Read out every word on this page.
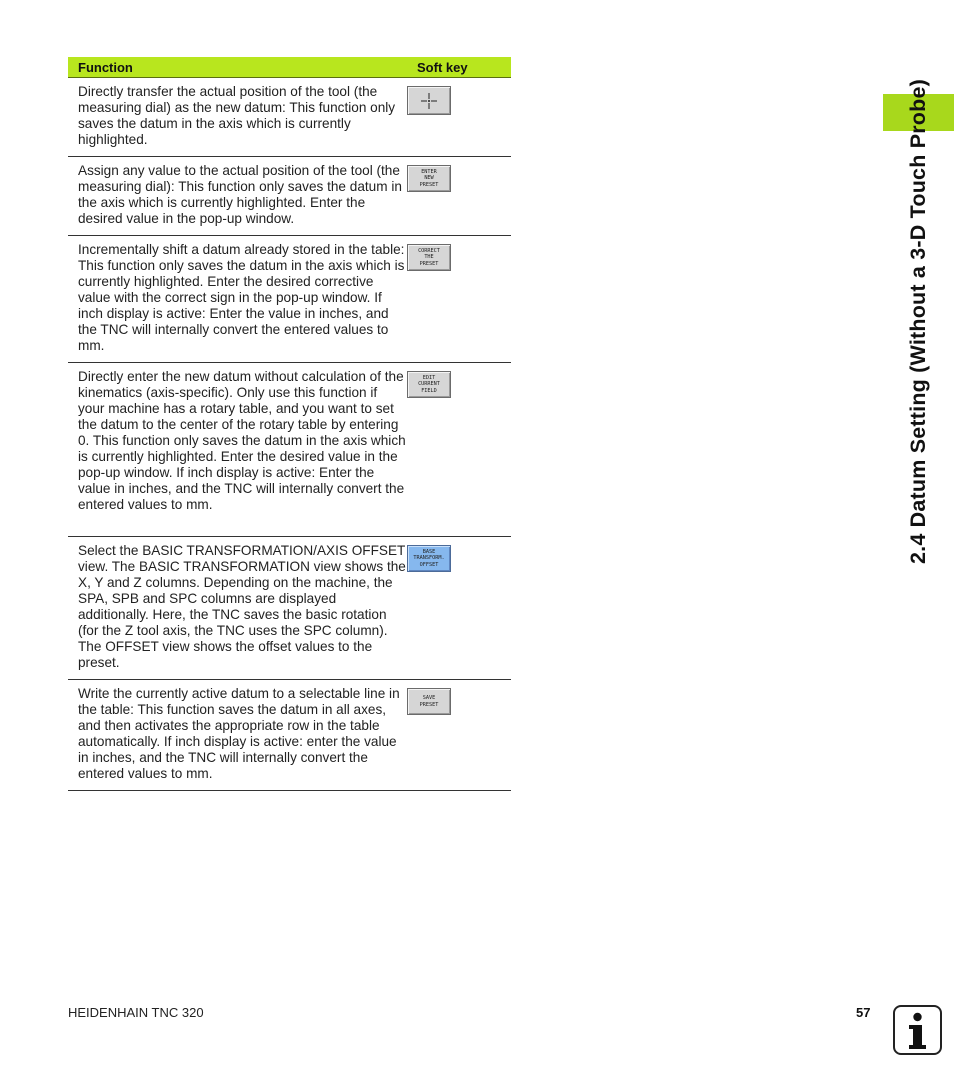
2.4 Datum Setting (Without a 3-D Touch Probe)
Function	Soft key
Directly transfer the actual position of the tool (the measuring dial) as the new datum: This function only saves the datum in the axis which is currently highlighted.
Assign any value to the actual position of the tool (the measuring dial): This function only saves the datum in the axis which is currently highlighted. Enter the desired value in the pop-up window.
ENTER
NEW
PRESET
Incrementally shift a datum already stored in the table: This function only saves the datum in the axis which is currently highlighted. Enter the desired corrective value with the correct sign in the pop-up window. If inch display is active: Enter the value in inches, and the TNC will internally convert the entered values to mm.
CORRECT
THE
PRESET
Directly enter the new datum without calculation of the kinematics (axis-specific). Only use this function if your machine has a rotary table, and you want to set the datum to the center of the rotary table by entering 0. This function only saves the datum in the axis which is currently highlighted. Enter the desired value in the pop-up window. If inch display is active: Enter the value in inches, and the TNC will internally convert the entered values to mm.
EDIT
CURRENT
FIELD
Select the BASIC TRANSFORMATION/AXIS OFFSET view. The BASIC TRANSFORMATION view shows the X, Y and Z columns. Depending on the machine, the SPA, SPB and SPC columns are displayed additionally. Here, the TNC saves the basic rotation (for the Z tool axis, the TNC uses the SPC column). The OFFSET view shows the offset values to the preset.
BASE
TRANSFORM.
OFFSET
Write the currently active datum to a selectable line in the table: This function saves the datum in all axes, and then activates the appropriate row in the table automatically. If inch display is active: enter the value in inches, and the TNC will internally convert the entered values to mm.
SAVE
PRESET
HEIDENHAIN TNC 320	57
